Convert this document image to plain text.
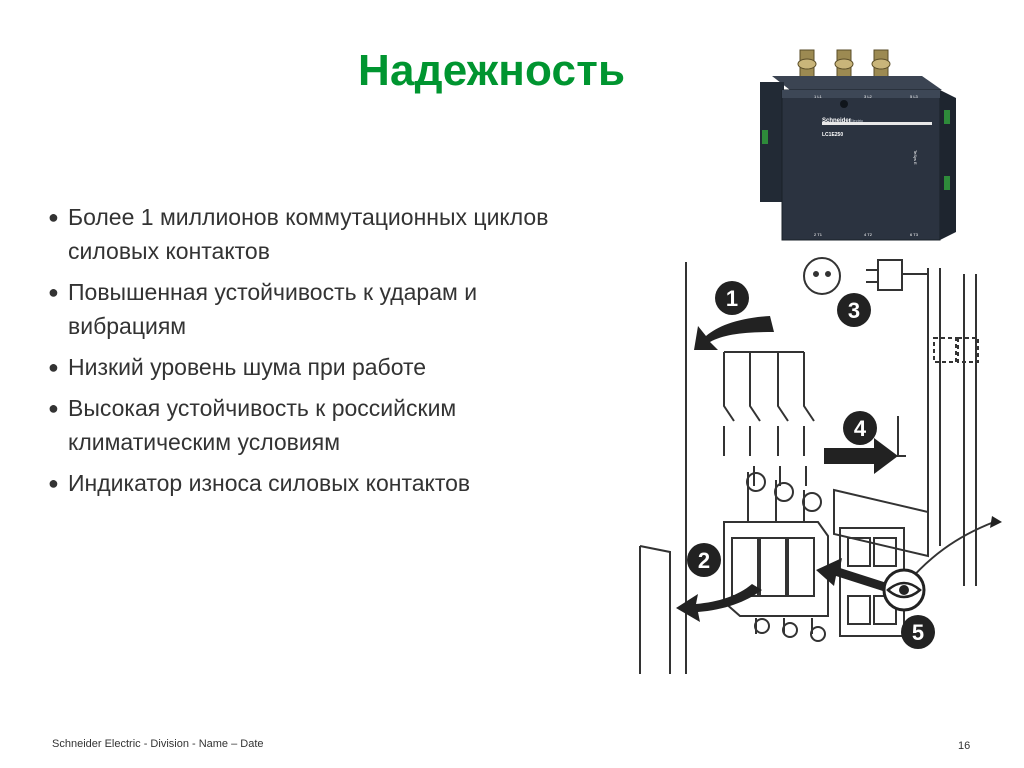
Надежность
● Более 1 миллионов коммутационных циклов силовых контактов
● Повышенная устойчивость к ударам и вибрациям
● Низкий уровень шума при работе
● Высокая устойчивость к российским климатическим условиям
● Индикатор износа силовых контактов
Schneider
Electric
LC1E250
TeSys E
1 L1	3 L2	5 L3
2 T1	4 T2	6 T3
1
2
3
4
5
Schneider Electric - Division - Name – Date	16
